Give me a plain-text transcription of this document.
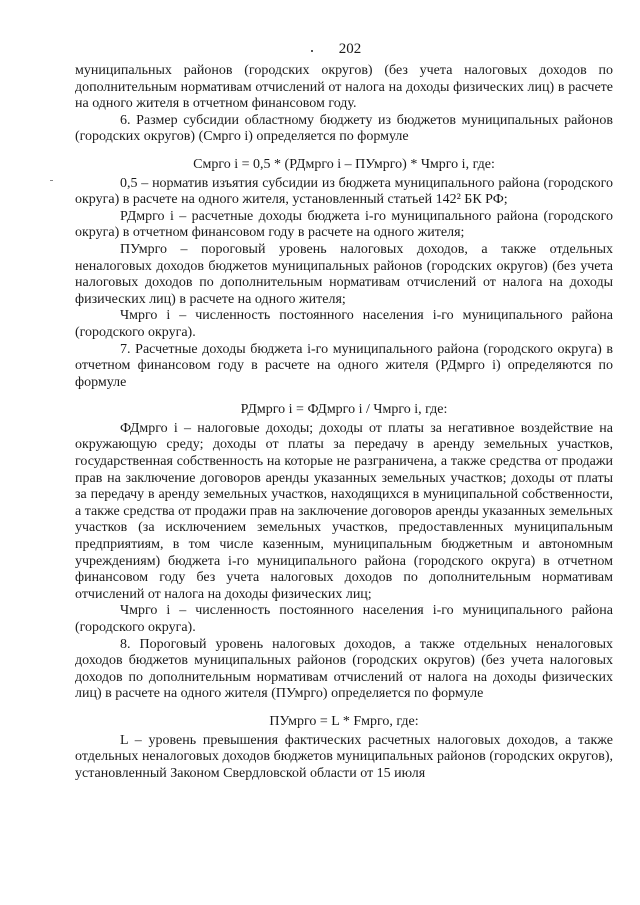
202

муниципальных районов (городских округов) (без учета налоговых доходов по дополнительным нормативам отчислений от налога на доходы физических лиц) в расчете на одного жителя в отчетном финансовом году.

6. Размер субсидии областному бюджету из бюджетов муниципальных районов (городских округов) (Смрго i) определяется по формуле

Смрго i = 0,5 * (РДмрго i – ПУмрго) * Чмрго i, где:

0,5 – норматив изъятия субсидии из бюджета муниципального района (городского округа) в расчете на одного жителя, установленный статьей 142² БК РФ;

РДмрго i – расчетные доходы бюджета i-го муниципального района (городского округа) в отчетном финансовом году в расчете на одного жителя;

ПУмрго – пороговый уровень налоговых доходов, а также отдельных неналоговых доходов бюджетов муниципальных районов (городских округов) (без учета налоговых доходов по дополнительным нормативам отчислений от налога на доходы физических лиц) в расчете на одного жителя;

Чмрго i – численность постоянного населения i-го муниципального района (городского округа).

7. Расчетные доходы бюджета i-го муниципального района (городского округа) в отчетном финансовом году в расчете на одного жителя (РДмрго i) определяются по формуле

РДмрго i = ФДмрго i / Чмрго i, где:

ФДмрго i – налоговые доходы; доходы от платы за негативное воздействие на окружающую среду; доходы от платы за передачу в аренду земельных участков, государственная собственность на которые не разграничена, а также средства от продажи прав на заключение договоров аренды указанных земельных участков; доходы от платы за передачу в аренду земельных участков, находящихся в муниципальной собственности, а также средства от продажи прав на заключение договоров аренды указанных земельных участков (за исключением земельных участков, предоставленных муниципальным предприятиям, в том числе казенным, муниципальным бюджетным и автономным учреждениям) бюджета i-го муниципального района (городского округа) в отчетном финансовом году без учета налоговых доходов по дополнительным нормативам отчислений от налога на доходы физических лиц;

Чмрго i – численность постоянного населения i-го муниципального района (городского округа).

8. Пороговый уровень налоговых доходов, а также отдельных неналоговых доходов бюджетов муниципальных районов (городских округов) (без учета налоговых доходов по дополнительным нормативам отчислений от налога на доходы физических лиц) в расчете на одного жителя (ПУмрго) определяется по формуле

ПУмрго = L * Fмрго, где:

L – уровень превышения фактических расчетных налоговых доходов, а также отдельных неналоговых доходов бюджетов муниципальных районов (городских округов), установленный Законом Свердловской области от 15 июля
